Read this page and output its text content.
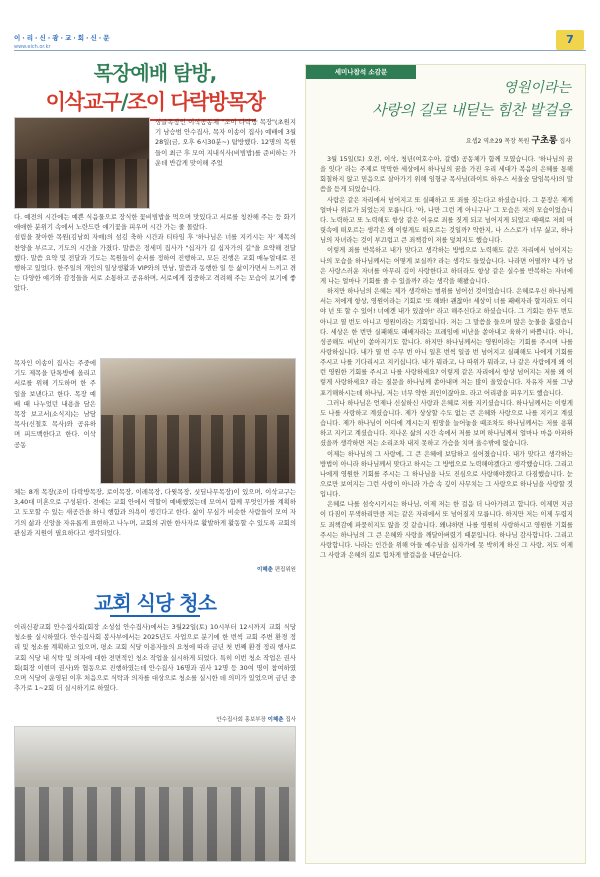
이·리·신·광·교·회·신·문
www.eich.or.kr
7
목장예배 탐방,
이삭교구/조이 다락방목장
싱글목장인 이삭공동체 "조이 다락방 목장"(초원지기 남승범 안수집사, 목자 이송이 집사) 예배에 3월 28일(금, 오후 6시30분~) 탐방했다. 12명의 목원들이 최근 후 모여 지내식사(비빔밥)를 준비하는 가운데 반갑게 맞이해 주었
다. 예전의 시간에는 예쁜 식음물으로 장식한 꽃비빔밥을 먹으며 맛있다고 서로를 칭찬해 주는 등 화기애애한 분위기 속에서 노란드란 얘기꽃을 피우며 시간 가는 줄 몰랐다.
섬림을 찾아한 목원(김남희 자매)의 섬김 축하 시간과 티타임 후 '하나님은 너를 지키시는 자' 제목의 찬양을 부르고, 기도의 시간을 가졌다. 말씀은 정세미 집사가 "십자가 길 십자가의 길"을 요약해 전달했다. 말씀 요약 및 전달과 기도는 목원들이 순서를 정하여 진행하고, 모든 진행은 교회 매뉴얼대로 진행하고 있었다. 한주일의 개인의 일상생활과 VIP와의 만남, 말씀과 동행한 일 등 삶이가면서 느끼고 겪는 다양한 얘기와 감정들을 서로 소통하고 공유하며, 서로에게 집중하고 격려해 주는 모습이 보기에 좋았다.
목자인 이송이 집사는 주중에 기도 제목을 단톡방에 올리고 서로를 위해 기도하며 한 주일을 보낸다고 한다. 목장 예배 때 나누었던 내용을 담은 목장 보고서(소식지)는 남담목사(신철호 목사)와 공유하며 피드백한다고 한다. 이삭 공동
체는 8개 목장(조이 다락방목장, 로이목장, 이레목장, 다윗목장, 싯딤나무목장)이 있으며, 이삭교구는 3,40대 미혼으로 구성된다. 전에는 교회 안에서 역할이 예배했었는데 모여서 함께 무엇인가를 계획하고 도모할 수 있는 새공간을 하니 행함과 의욕이 생긴다고 한다. 삶이 무심가 비슷한 사람들이 모여 자기의 삶과 신앙을 자유롭게 표현하고 나누며, 교회의 귀한 한사자로 활발하게 활동할 수 있도록 교회의 관심과 지원이 필요하다고 생각되었다.
이혜춘 편집위원
교회 식당 청소
이리신광교회 안수집사회(회장 소성섭 안수집사)에서는 3월22일(토) 10시부터 12시까지 교회 식당 청소를 실시하였다. 안수집사회 봉사부에서는 2025년도 사업으로 분기에 한 번씩 교회 주변 환경 정리 및 청소를 계획하고 있으며, 평소 교회 식당 이용자들의 요청에 따라 금년 첫 번째 환경 정리 행사로 교회 식당 내 식탁 및 의자에 대한 전면적인 청소 작업을 실시하게 되었다. 특히 이번 청소 작업은 권사회(회장 이현미 권사)와 협동으로 진행하였는데 안수집사 16명과 권사 12명 등 30여 명이 참여하였으며 식당이 운영된 이후 처음으로 식탁과 의자를 대상으로 청소를 실시한 데 의미가 있었으며 금년 중 추가로 1~2회 더 실시하기로 하였다.
안수집사회 홍보부장 이혜춘 집사
세미나참석 소감문
영원이라는
사랑의 길로 내딛는 힘찬 발걸음
요셉2 역초29 목장 목원 구초롱 집사

3월 15일(토) 오전, 이삭, 청년(여호수아, 갈렙) 공동체가 함께 모였습니다. '하나님의 꿈을 잇다' 라는 주제로 막막한 세상에서 하나님의 꿈을 가진 우리 세대가 복음의 은혜를 통해 회칠하지 않고 믿음으로 살아가기 위해 임형규 목사님(라이트 하우스 서울숲 담임목사)의 말씀을 듣게 되었습니다.

사람은 같은 자리에서 넘어지고 또 실패하고 또 죄를 짓는다고 하셨습니다. 그 문장은 제게 얼마나 위로가 되었는지 모릅니다. '아, 나만 그런 게 아니구나' 그 모습은 저의 모습이었습니다. 노력하고 또 노력해도 항상 같은 이유로 죄를 짓게 되고 넘어지게 되었고 때때로 저희 머릿속에 떠오르는 생각은 왜 이렇게도 떠오르는 것일까? 악한지, 나 스스로가 너무 싫고, 하나님의 자녀라는 것이 부끄럽고 큰 죄책감이 저를 덮쳐지도 했습니다.

이렇게 죄를 반복하고 내가 맞다고 생각하는 방법으로 노력해도 같은 자리에서 넘어지는 나의 모습을 하나님께서는 어떻게 보실까? 라는 생각도 들었습니다. 나라면 어떨까? 내가 남은 사랑스러운 자녀를 아무리 깊이 사랑한다고 하더라도 항상 같은 실수를 반복하는 자녀에게 나는 얼마나 기회를 줄 수 있을까? 라는 생각을 해봤습니다.

하지만 하나님의 은혜는 제가 생각하는 범위를 넘어선 것이었습니다. 은혜로우신 하나님께서는 저에게 항상, 영원이라는 기회로 '또 해봐! 괜찮아! 세상이 너를 패배자라 할지라도 이디야 넌 또 할 수 있어! 너에겐 내가 있잖아!' 라고 해주신다고 하셨습니다. 그 기회는 한두 번도 아니고 열 번도 아니고 영원이라는 기회입니다. 저는 그 말씀을 들으며 많은 눈물을 흘렸습니다. 세상은 한 번만 실패해도 패배자라는 프레임에 비난을 쏟아내고 육하기 바쁩니다. 아니, 성공해도 비난이 쏟아지기도 합니다. 하지만 하나님께서는 영원이라는 기회를 주시며 나를 사랑하십니다. 내가 열 번 수무 번 아니 일흔 번씩 일곱 번 넘어지고 실패해도 나에게 기회를 주시고 나를 기다리시고 지키십니다. 내가 뭐라고, 나 따위가 뭐라고, 나 같은 사람에게 왜 이런 영원한 기회를 주시고 나를 사랑하세요? 이렇게 같은 자리에서 항상 넘어지는 저를 왜 이렇게 사랑하세요? 라는 질문을 하나님께 쏟아내며 저는 많이 울었습니다. 자유자 저를 그냥 포기해하시는데 하나님, 저는 너무 약한 죄인이잖아요. 라고 어리광을 피우기도 했습니다.

그러나 하나님은 언제나 신실하신 사랑과 은혜로 저를 지키셨습니다. 하나님께서는 이렇게도 나를 사랑하고 계셨습니다. 제가 상상할 수도 없는 큰 은혜와 사랑으로 나를 지키고 계셨습니다. 제가 하나님이 어디에 계시는지 원망을 늘어놓을 때조차도 하나님께서는 저를 용휘하고 지키고 계셨습니다. 지나온 삶의 시간 속에서 저를 보며 하나님께서 얼마나 마음 아파하셨을까 생각하면 저는 소리조차 내지 못하고 가슴을 치며 울수밖에 없습니다.

이제는 하나님의 그 사랑에, 그 큰 은혜에 보답하고 싶어졌습니다. 내가 맞다고 생각하는 방법이 아니라 하나님께서 맞다고 하시는 그 방법으로 노력해야겠다고 생각했습니다. 그리고 나에게 영원한 기회를 주시는 그 하나님을 나도 진심으로 사랑해야겠다고 다짐했습니다. 눈으로만 보여지는 그런 사랑이 아니라 가슴 속 깊이 사무치는 그 사랑으로 하나님을 사랑할 것입니다.

은혜로 나를 섬숙시키시는 하나님, 이제 저는 한 걸음 더 나아가려고 합니다. 이제면 지금 이 다짐이 무색하리만큼 저는 같은 자리에서 또 넘어질지 모릅니다. 하지만 저는 이제 두렵지도 죄책감에 파묻히지도 않을 것 같습니다. 왜냐하면 나를 영원히 사랑하시고 영원한 기회를 주시는 하나님의 그 큰 은혜와 사랑을 깨달아버렸기 때문입니다. 하나님 감사합니다. 그리고 사랑합니다. 나라는 인간을 위해 아들 예수님을 십자가에 못 박히게 하신 그 사랑, 저도 이제 그 사랑과 은혜의 길로 힘차게 발걸음을 내딛습니다.
